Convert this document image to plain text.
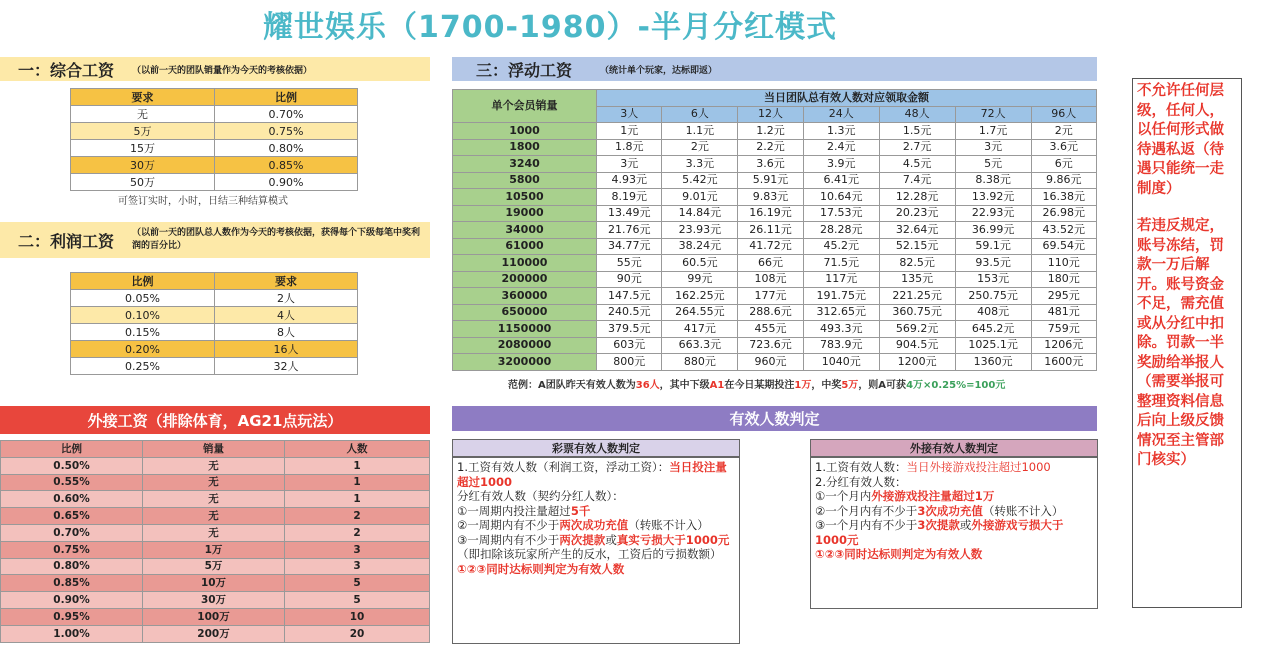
耀世娱乐（1700-1980）-半月分红模式
一：综合工资 （以前一天的团队销量作为今天的考核依据）
要求	比例
无	0.70%
5万	0.75%
15万	0.80%
30万	0.85%
50万	0.90%
可签订实时，小时，日结三种结算模式
二：利润工资 （以前一天的团队总人数作为今天的考核依据，获得每个下级每笔中奖利润的百分比）
比例	要求
0.05%	2人
0.10%	4人
0.15%	8人
0.20%	16人
0.25%	32人
三：浮动工资	（统计单个玩家，达标即返）
单个会员销量	当日团队总有效人数对应领取金额						
	3人	6人	12人	24人	48人	72人	96人
1000	1元	1.1元	1.2元	1.3元	1.5元	1.7元	2元
1800	1.8元	2元	2.2元	2.4元	2.7元	3元	3.6元
3240	3元	3.3元	3.6元	3.9元	4.5元	5元	6元
5800	4.93元	5.42元	5.91元	6.41元	7.4元	8.38元	9.86元
10500	8.19元	9.01元	9.83元	10.64元	12.28元	13.92元	16.38元
19000	13.49元	14.84元	16.19元	17.53元	20.23元	22.93元	26.98元
34000	21.76元	23.93元	26.11元	28.28元	32.64元	36.99元	43.52元
61000	34.77元	38.24元	41.72元	45.2元	52.15元	59.1元	69.54元
110000	55元	60.5元	66元	71.5元	82.5元	93.5元	110元
200000	90元	99元	108元	117元	135元	153元	180元
360000	147.5元	162.25元	177元	191.75元	221.25元	250.75元	295元
650000	240.5元	264.55元	288.6元	312.65元	360.75元	408元	481元
1150000	379.5元	417元	455元	493.3元	569.2元	645.2元	759元
2080000	603元	663.3元	723.6元	783.9元	904.5元	1025.1元	1206元
3200000	800元	880元	960元	1040元	1200元	1360元	1600元
范例：A团队昨天有效人数为36人，其中下级A1在今日某期投注1万，中奖5万，则A可获4万×0.25%=100元
外接工资（排除体育，AG21点玩法）
比例	销量	人数
0.50%	无	1
0.55%	无	1
0.60%	无	1
0.65%	无	2
0.70%	无	2
0.75%	1万	3
0.80%	5万	3
0.85%	10万	5
0.90%	30万	5
0.95%	100万	10
1.00%	200万	20
有效人数判定
彩票有效人数判定
1.工资有效人数（利润工资，浮动工资）：当日投注量超过1000
分红有效人数（契约分红人数）：
①一周期内投注量超过5千
②一周期内有不少于两次成功充值（转账不计入）
③一周期内有不少于两次提款或真实亏损大于1000元
（即扣除该玩家所产生的反水，工资后的亏损数额）
①②③同时达标则判定为有效人数
外接有效人数判定
1.工资有效人数：当日外接游戏投注超过1000
2.分红有效人数：
①一个月内外接游戏投注量超过1万
②一个月内有不少于3次成功充值（转账不计入）
③一个月内有不少于3次提款或外接游戏亏损大于1000元
①②③同时达标则判定为有效人数
不允许任何层级，任何人，以任何形式做待遇私返（待遇只能统一走制度）
若违反规定，账号冻结，罚款一万后解开。账号资金不足，需充值或从分红中扣除。罚款一半奖励给举报人（需要举报可整理资料信息后向上级反馈情况至主管部门核实）
